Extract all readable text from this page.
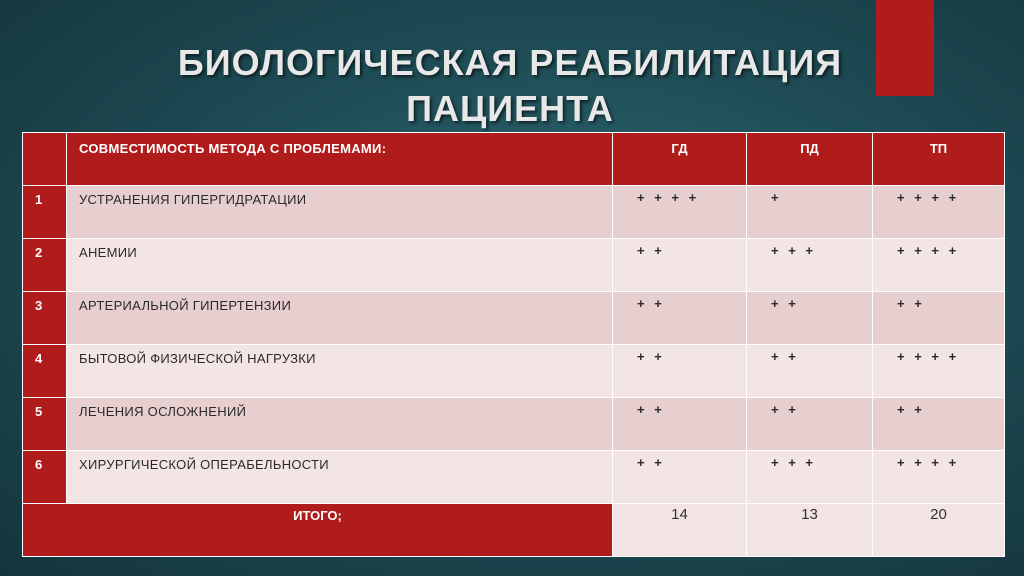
БИОЛОГИЧЕСКАЯ РЕАБИЛИТАЦИЯ
ПАЦИЕНТА

	СОВМЕСТИМОСТЬ МЕТОДА С ПРОБЛЕМАМИ:	ГД	ПД	ТП

1	УСТРАНЕНИЯ ГИПЕРГИДРАТАЦИИ	+ + + +	+	+ + + +

2	АНЕМИИ	+ +	+ + +	+ + + +

3	АРТЕРИАЛЬНОЙ ГИПЕРТЕНЗИИ	+ +	+ +	+ +

4	БЫТОВОЙ ФИЗИЧЕСКОЙ НАГРУЗКИ	+ +	+ +	+ + + +

5	ЛЕЧЕНИЯ ОСЛОЖНЕНИЙ	+ +	+ +	+ +

6	ХИРУРГИЧЕСКОЙ ОПЕРАБЕЛЬНОСТИ	+ +	+ + +	+ + + +

ИТОГО;		14	13	20
